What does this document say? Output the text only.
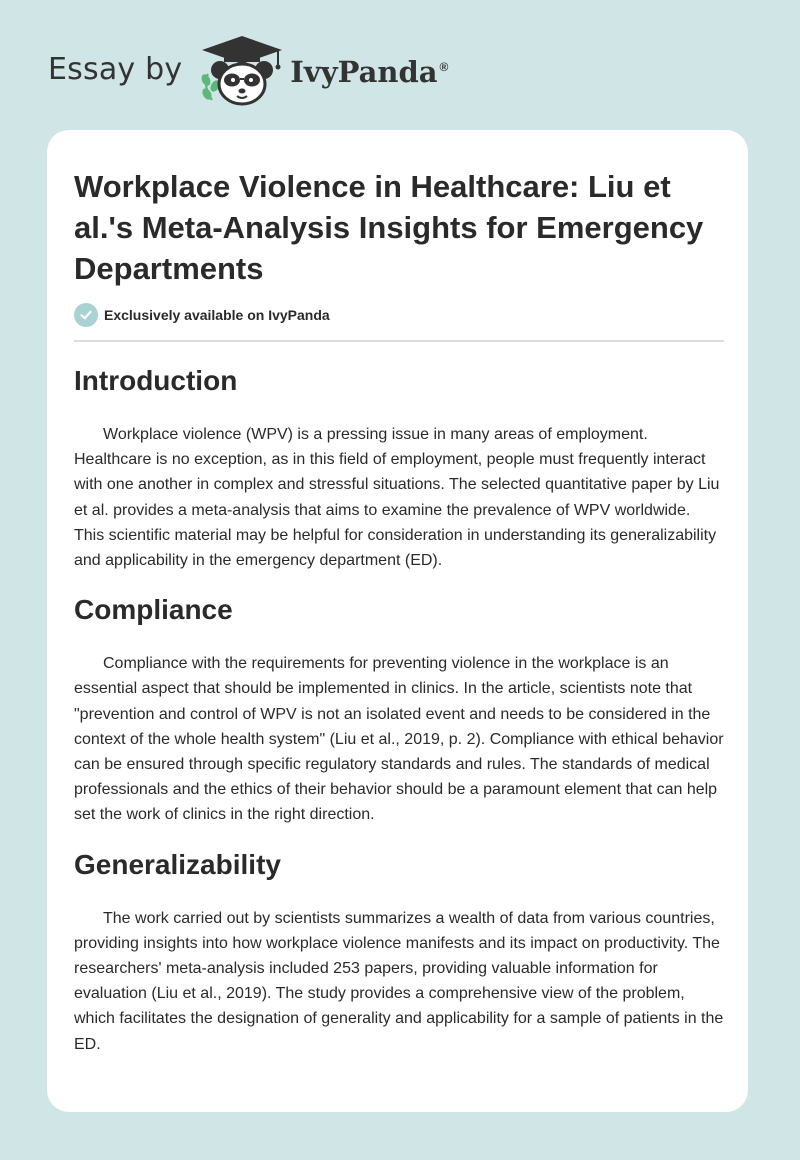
Essay by	IvyPanda ®
Workplace Violence in Healthcare: Liu et al.'s Meta-Analysis Insights for Emergency Departments
Exclusively available on IvyPanda
Introduction

Workplace violence (WPV) is a pressing issue in many areas of employment. Healthcare is no exception, as in this field of employment, people must frequently interact with one another in complex and stressful situations. The selected quantitative paper by Liu et al. provides a meta-analysis that aims to examine the prevalence of WPV worldwide. This scientific material may be helpful for consideration in understanding its generalizability and applicability in the emergency department (ED).

Compliance

Compliance with the requirements for preventing violence in the workplace is an essential aspect that should be implemented in clinics. In the article, scientists note that "prevention and control of WPV is not an isolated event and needs to be considered in the context of the whole health system" (Liu et al., 2019, p. 2). Compliance with ethical behavior can be ensured through specific regulatory standards and rules. The standards of medical professionals and the ethics of their behavior should be a paramount element that can help set the work of clinics in the right direction.

Generalizability

The work carried out by scientists summarizes a wealth of data from various countries, providing insights into how workplace violence manifests and its impact on productivity. The researchers' meta-analysis included 253 papers, providing valuable information for evaluation (Liu et al., 2019). The study provides a comprehensive view of the problem, which facilitates the designation of generality and applicability for a sample of patients in the ED.
